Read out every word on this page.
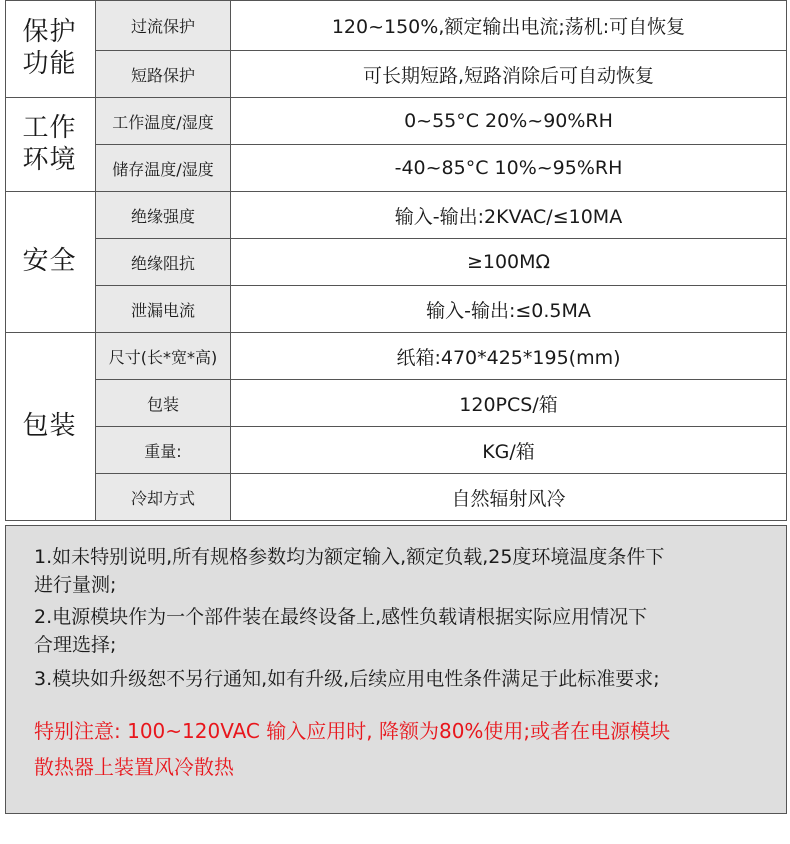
保护功能	过流保护	120~150%,额定输出电流;荡机:可自恢复
	短路保护	可长期短路,短路消除后可自动恢复
工作环境	工作温度/湿度	0~55°C 20%~90%RH
	储存温度/湿度	-40~85°C 10%~95%RH
安全	绝缘强度	输入-输出:2KVAC/≤10MA
	绝缘阻抗	≥100MΩ
	泄漏电流	输入-输出:≤0.5MA
包装	尺寸(长*宽*高)	纸箱:470*425*195(mm)
	包装	120PCS/箱
	重量:	KG/箱
	冷却方式	自然辐射风冷
1.如未特别说明,所有规格参数均为额定输入,额定负载,25度环境温度条件下
进行量测;
2.电源模块作为一个部件装在最终设备上,感性负载请根据实际应用情况下
合理选择;
3.模块如升级恕不另行通知,如有升级,后续应用电性条件满足于此标准要求;
特别注意: 100~120VAC 输入应用时, 降额为80%使用;或者在电源模块
散热器上装置风冷散热
